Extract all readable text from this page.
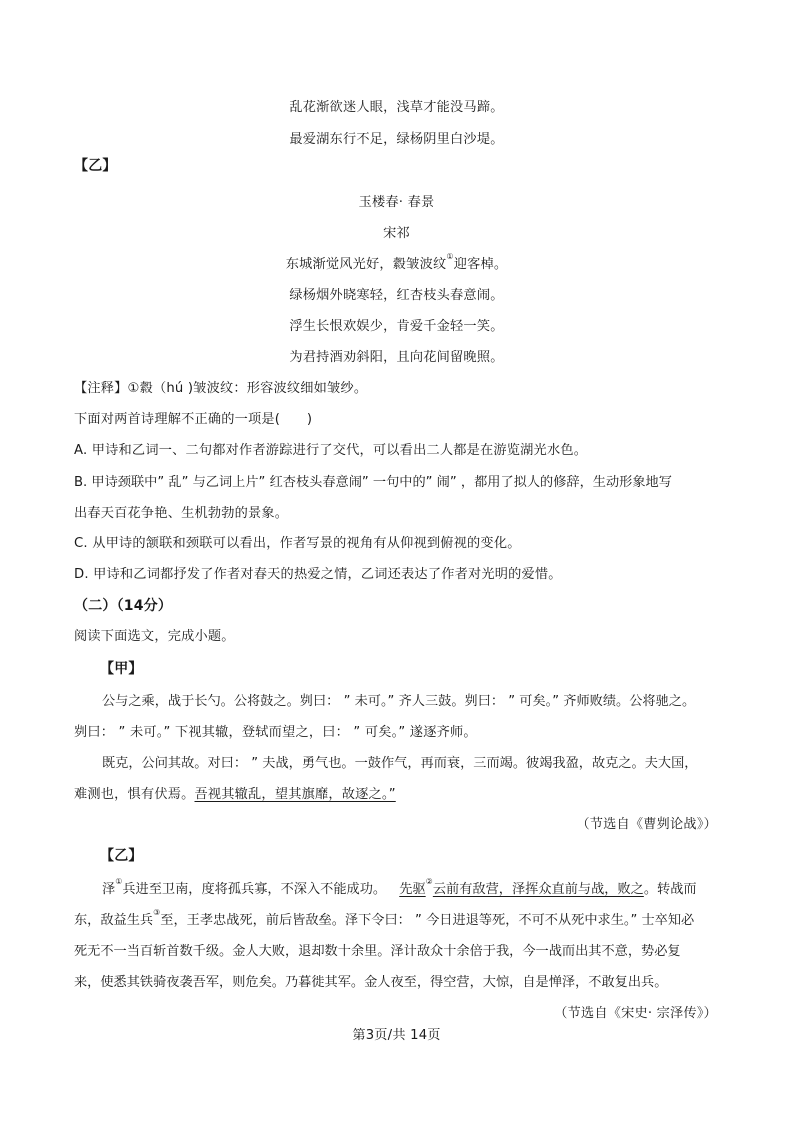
乱花渐欲迷人眼，浅草才能没马蹄。
最爱湖东行不足，绿杨阴里白沙堤。
【乙】
玉楼春· 春景
宋祁
东城渐觉风光好，縠皱波纹①迎客棹。
绿杨烟外晓寒轻，红杏枝头春意闹。
浮生长恨欢娱少，肯爱千金轻一笑。
为君持酒劝斜阳，且向花间留晚照。
【注释】①縠（hú )皱波纹：形容波纹细如皱纱。
下面对两首诗理解不正确的一项是(　　)
A. 甲诗和乙词一、二句都对作者游踪进行了交代，可以看出二人都是在游览湖光水色。
B. 甲诗颈联中” 乱” 与乙词上片” 红杏枝头春意闹” 一句中的” 闹” ，都用了拟人的修辞，生动形象地写
出春天百花争艳、生机勃勃的景象。
C. 从甲诗的颔联和颈联可以看出，作者写景的视角有从仰视到俯视的变化。
D. 甲诗和乙词都抒发了作者对春天的热爱之情，乙词还表达了作者对光明的爱惜。
（二）（14分）
阅读下面选文，完成小题。
【甲】
公与之乘，战于长勺。公将鼓之。刿曰： ” 未可。” 齐人三鼓。刿曰： ” 可矣。” 齐师败绩。公将驰之。
刿曰： ” 未可。” 下视其辙，登轼而望之，曰： ” 可矣。” 遂逐齐师。
既克，公问其故。对曰： ” 夫战，勇气也。一鼓作气，再而衰，三而竭。彼竭我盈，故克之。夫大国，
难测也，惧有伏焉。吾视其辙乱，望其旗靡，故逐之。”
（节选自《曹刿论战》）
【乙】
泽①兵进至卫南，度将孤兵寡，不深入不能成功。  先驱②云前有敌营，泽挥众直前与战，败之。转战而
东，敌益生兵③至，王孝忠战死，前后皆敌垒。泽下令曰： ” 今日进退等死，不可不从死中求生。” 士卒知必
死无不一当百斩首数千级。金人大败，退却数十余里。泽计敌众十余倍于我，今一战而出其不意，势必复
来，使悉其铁骑夜袭吾军，则危矣。乃暮徙其军。金人夜至，得空营，大惊，自是惮泽，不敢复出兵。
（节选自《宋史· 宗泽传》）
第3页/共 14页
